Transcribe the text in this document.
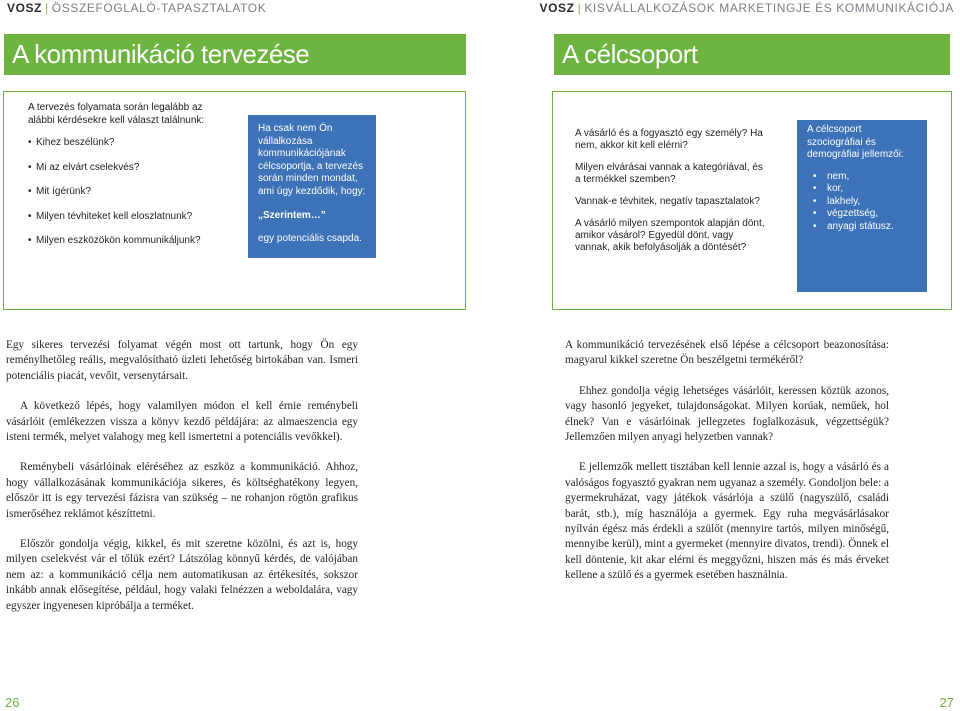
VOSZ | ÖSSZEFOGLALÓ-TAPASZTALATOK
A kommunikáció tervezése

A tervezés folyamata során legalább az alábbi kérdésekre kell választ találnunk:

• Kihez beszélünk?
• Mi az elvárt cselekvés?
• Mit ígérünk?
• Milyen tévhiteket kell eloszlatnunk?
• Milyen eszközökön kommunikáljunk?
Ha csak nem Ön vállalkozása kommunikációjának célcsoportja, a tervezés során minden mondat, ami úgy kezdődik, hogy:
„Szerintem…”
egy potenciális csapda.

Egy sikeres tervezési folyamat végén most ott tartunk, hogy Ön egy reménylhetőleg reális, megvalósítható üzleti lehetőség birtokában van. Ismeri potenciális piacát, vevőit, versenytársait.

A következő lépés, hogy valamilyen módon el kell érnie reménybeli vásárlóit (emlékezzen vissza a könyv kezdő példájára: az almaeszencia egy isteni termék, melyet valahogy meg kell ismertetni a potenciális vevőkkel).

Reménybeli vásárlóinak eléréséhez az eszköz a kommunikáció. Ahhoz, hogy vállalkozásának kommunikációja sikeres, és költséghatékony legyen, először itt is egy tervezési fázisra van szükség – ne rohanjon rögtön grafikus ismerőséhez reklámot készíttetni.

Először gondolja végig, kikkel, és mit szeretne közölni, és azt is, hogy milyen cselekvést vár el tőlük ezért? Látszólag könnyű kérdés, de valójában nem az: a kommunikáció célja nem automatikusan az értékesítés, sokszor inkább annak elősegítése, például, hogy valaki felnézzen a weboldalára, vagy egyszer ingyenesen kipróbálja a terméket.

26
VOSZ | KISVÁLLALKOZÁSOK MARKETINGJE ÉS KOMMUNIKÁCIÓJA
A célcsoport

A vásárló és a fogyasztó egy személy? Ha nem, akkor kit kell elérni?

Milyen elvárásai vannak a kategóriával, és a termékkel szemben?

Vannak-e tévhitek, negatív tapasztalatok?

A vásárló milyen szempontok alapján dönt, amikor vásárol? Egyedül dönt, vagy vannak, akik befolyásolják a döntését?

A célcsoport szociográfiai és demográfiai jellemzői:
• nem,
• kor,
• lakhely,
• végzettség,
• anyagi státusz.

A kommunikáció tervezésének első lépése a célcsoport beazonosítása: magyarul kikkel szeretne Ön beszélgetni termékéről?

Ehhez gondolja végig lehetséges vásárlóit, keressen köztük azonos, vagy hasonló jegyeket, tulajdonságokat. Milyen korúak, neműek, hol élnek? Van e vásárlóinak jellegzetes foglalkozásuk, végzettségük? Jellemzően milyen anyagi helyzetben vannak?

E jellemzők mellett tisztában kell lennie azzal is, hogy a vásárló és a valóságos fogyasztó gyakran nem ugyanaz a személy. Gondoljon bele: a gyermekruházat, vagy játékok vásárlója a szülő (nagyszülő, családi barát, stb.), míg használója a gyermek. Egy ruha megvásárlásakor nyílván égész más érdekli a szülőt (mennyire tartós, milyen minőségű, mennyibe kerül), mint a gyermeket (mennyire divatos, trendi). Önnek el kell döntenie, kit akar elérni és meggyőzni, hiszen más és más érveket kellene a szülő és a gyermek esetében használnia.

27
